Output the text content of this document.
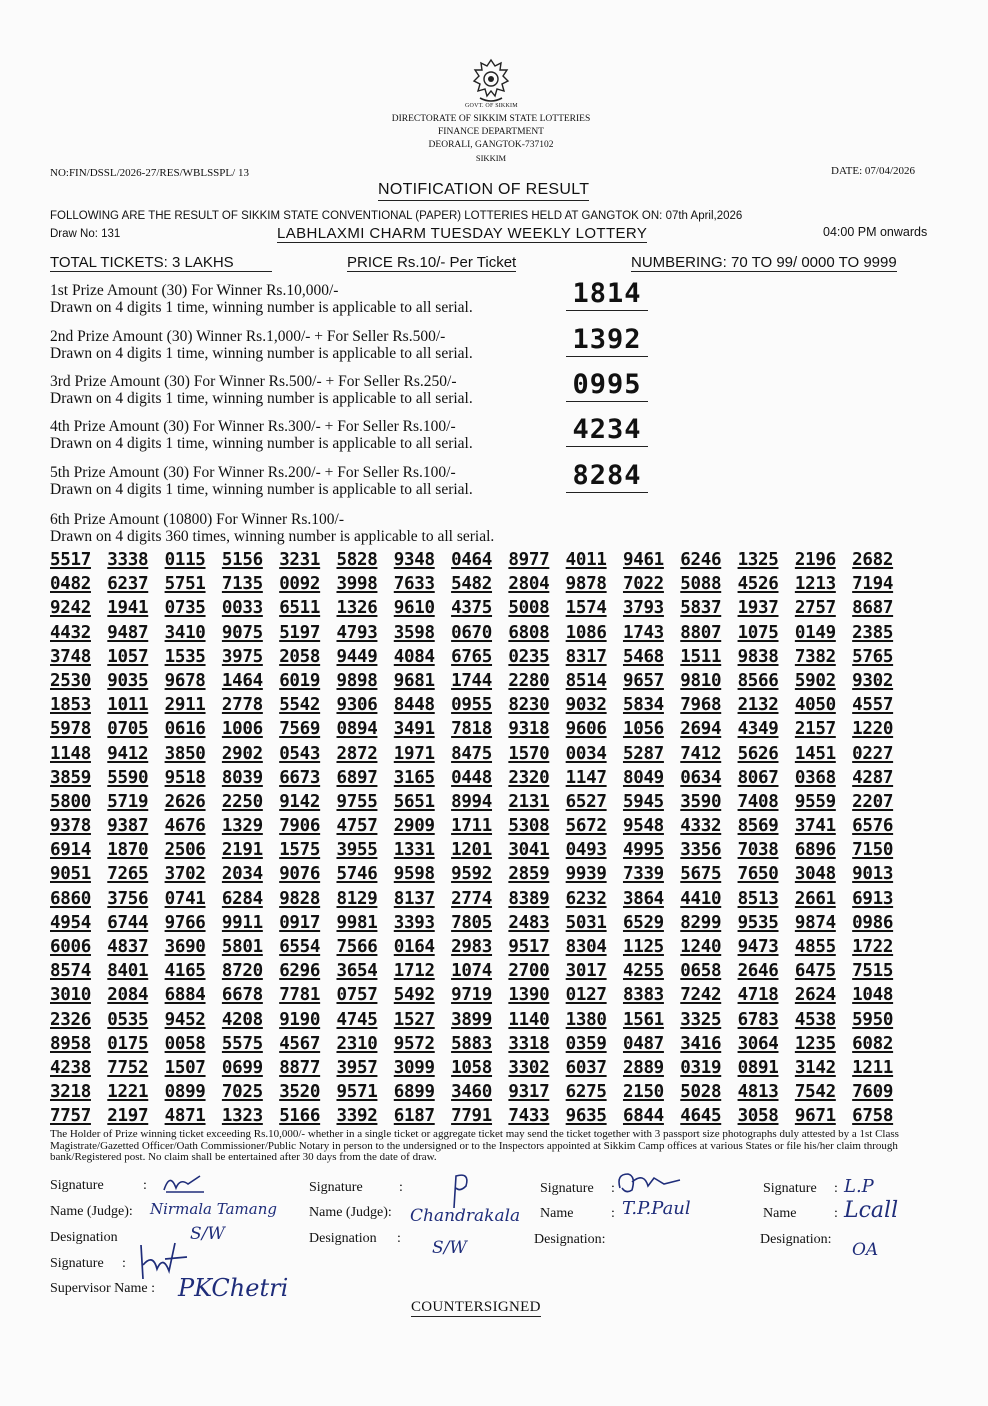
GOVT. OF SIKKIM
DIRECTORATE OF SIKKIM STATE LOTTERIES
FINANCE DEPARTMENT
DEORALI, GANGTOK-737102
SIKKIM
NO:FIN/DSSL/2026-27/RES/WBLSSPL/ 13	DATE: 07/04/2026
NOTIFICATION OF RESULT
FOLLOWING ARE THE RESULT OF SIKKIM STATE CONVENTIONAL (PAPER) LOTTERIES HELD AT GANGTOK ON: 07th April,2026
Draw No: 131	LABHLAXMI CHARM TUESDAY WEEKLY LOTTERY	04:00 PM onwards
TOTAL TICKETS: 3 LAKHS	PRICE Rs.10/- Per Ticket	NUMBERING: 70 TO 99/ 0000 TO 9999
1st Prize Amount (30) For Winner Rs.10,000/-
Drawn on 4 digits 1 time, winning number is applicable to all serial.	1814
2nd Prize Amount (30) Winner Rs.1,000/- + For Seller Rs.500/-
Drawn on 4 digits 1 time, winning number is applicable to all serial.	1392
3rd Prize Amount (30) For Winner Rs.500/- + For Seller Rs.250/-
Drawn on 4 digits 1 time, winning number is applicable to all serial.	0995
4th Prize Amount (30) For Winner Rs.300/- + For Seller Rs.100/-
Drawn on 4 digits 1 time, winning number is applicable to all serial.	4234
5th Prize Amount (30) For Winner Rs.200/- + For Seller Rs.100/-
Drawn on 4 digits 1 time, winning number is applicable to all serial.	8284
6th Prize Amount (10800) For Winner Rs.100/-
Drawn on 4 digits 360 times, winning number is applicable to all serial.
5517 3338 0115 5156 3231 5828 9348 0464 8977 4011 9461 6246 1325 2196 2682
0482 6237 5751 7135 0092 3998 7633 5482 2804 9878 7022 5088 4526 1213 7194
9242 1941 0735 0033 6511 1326 9610 4375 5008 1574 3793 5837 1937 2757 8687
4432 9487 3410 9075 5197 4793 3598 0670 6808 1086 1743 8807 1075 0149 2385
3748 1057 1535 3975 2058 9449 4084 6765 0235 8317 5468 1511 9838 7382 5765
2530 9035 9678 1464 6019 9898 9681 1744 2280 8514 9657 9810 8566 5902 9302
1853 1011 2911 2778 5542 9306 8448 0955 8230 9032 5834 7968 2132 4050 4557
5978 0705 0616 1006 7569 0894 3491 7818 9318 9606 1056 2694 4349 2157 1220
1148 9412 3850 2902 0543 2872 1971 8475 1570 0034 5287 7412 5626 1451 0227
3859 5590 9518 8039 6673 6897 3165 0448 2320 1147 8049 0634 8067 0368 4287
5800 5719 2626 2250 9142 9755 5651 8994 2131 6527 5945 3590 7408 9559 2207
9378 9387 4676 1329 7906 4757 2909 1711 5308 5672 9548 4332 8569 3741 6576
6914 1870 2506 2191 1575 3955 1331 1201 3041 0493 4995 3356 7038 6896 7150
9051 7265 3702 2034 9076 5746 9598 9592 2859 9939 7339 5675 7650 3048 9013
6860 3756 0741 6284 9828 8129 8137 2774 8389 6232 3864 4410 8513 2661 6913
4954 6744 9766 9911 0917 9981 3393 7805 2483 5031 6529 8299 9535 9874 0986
6006 4837 3690 5801 6554 7566 0164 2983 9517 8304 1125 1240 9473 4855 1722
8574 8401 4165 8720 6296 3654 1712 1074 2700 3017 4255 0658 2646 6475 7515
3010 2084 6884 6678 7781 0757 5492 9719 1390 0127 8383 7242 4718 2624 1048
2326 0535 9452 4208 9190 4745 1527 3899 1140 1380 1561 3325 6783 4538 5950
8958 0175 0058 5575 4567 2310 9572 5883 3318 0359 0487 3416 3064 1235 6082
4238 7752 1507 0699 8877 3957 3099 1058 3302 6037 2889 0319 0891 3142 1211
3218 1221 0899 7025 3520 9571 6899 3460 9317 6275 2150 5028 4813 7542 7609
7757 2197 4871 1323 5166 3392 6187 7791 7433 9635 6844 4645 3058 9671 6758
The Holder of Prize winning ticket exceeding Rs.10,000/- whether in a single ticket or aggregate ticket may send the ticket together with 3 passport size photographs duly attested by a 1st Class Magistrate/Gazetted Officer/Oath Commissioner/Public Notary in person to the undersigned or to the Inspectors appointed at Sikkim Camp offices at various States or file his/her claim through bank/Registered post. No claim shall be entertained after 30 days from the date of draw.
Signature	:
Name (Judge): Nirmala Tamang
Designation	S/W
Signature :
Supervisor Name : PKChetri
Signature	:
Name (Judge): Chandrakala
Designation : S/W
Signature :
Name	: T.P.Paul
Designation:
Signature : L.P
Name	: Lcall
Designation:
OA
COUNTERSIGNED
